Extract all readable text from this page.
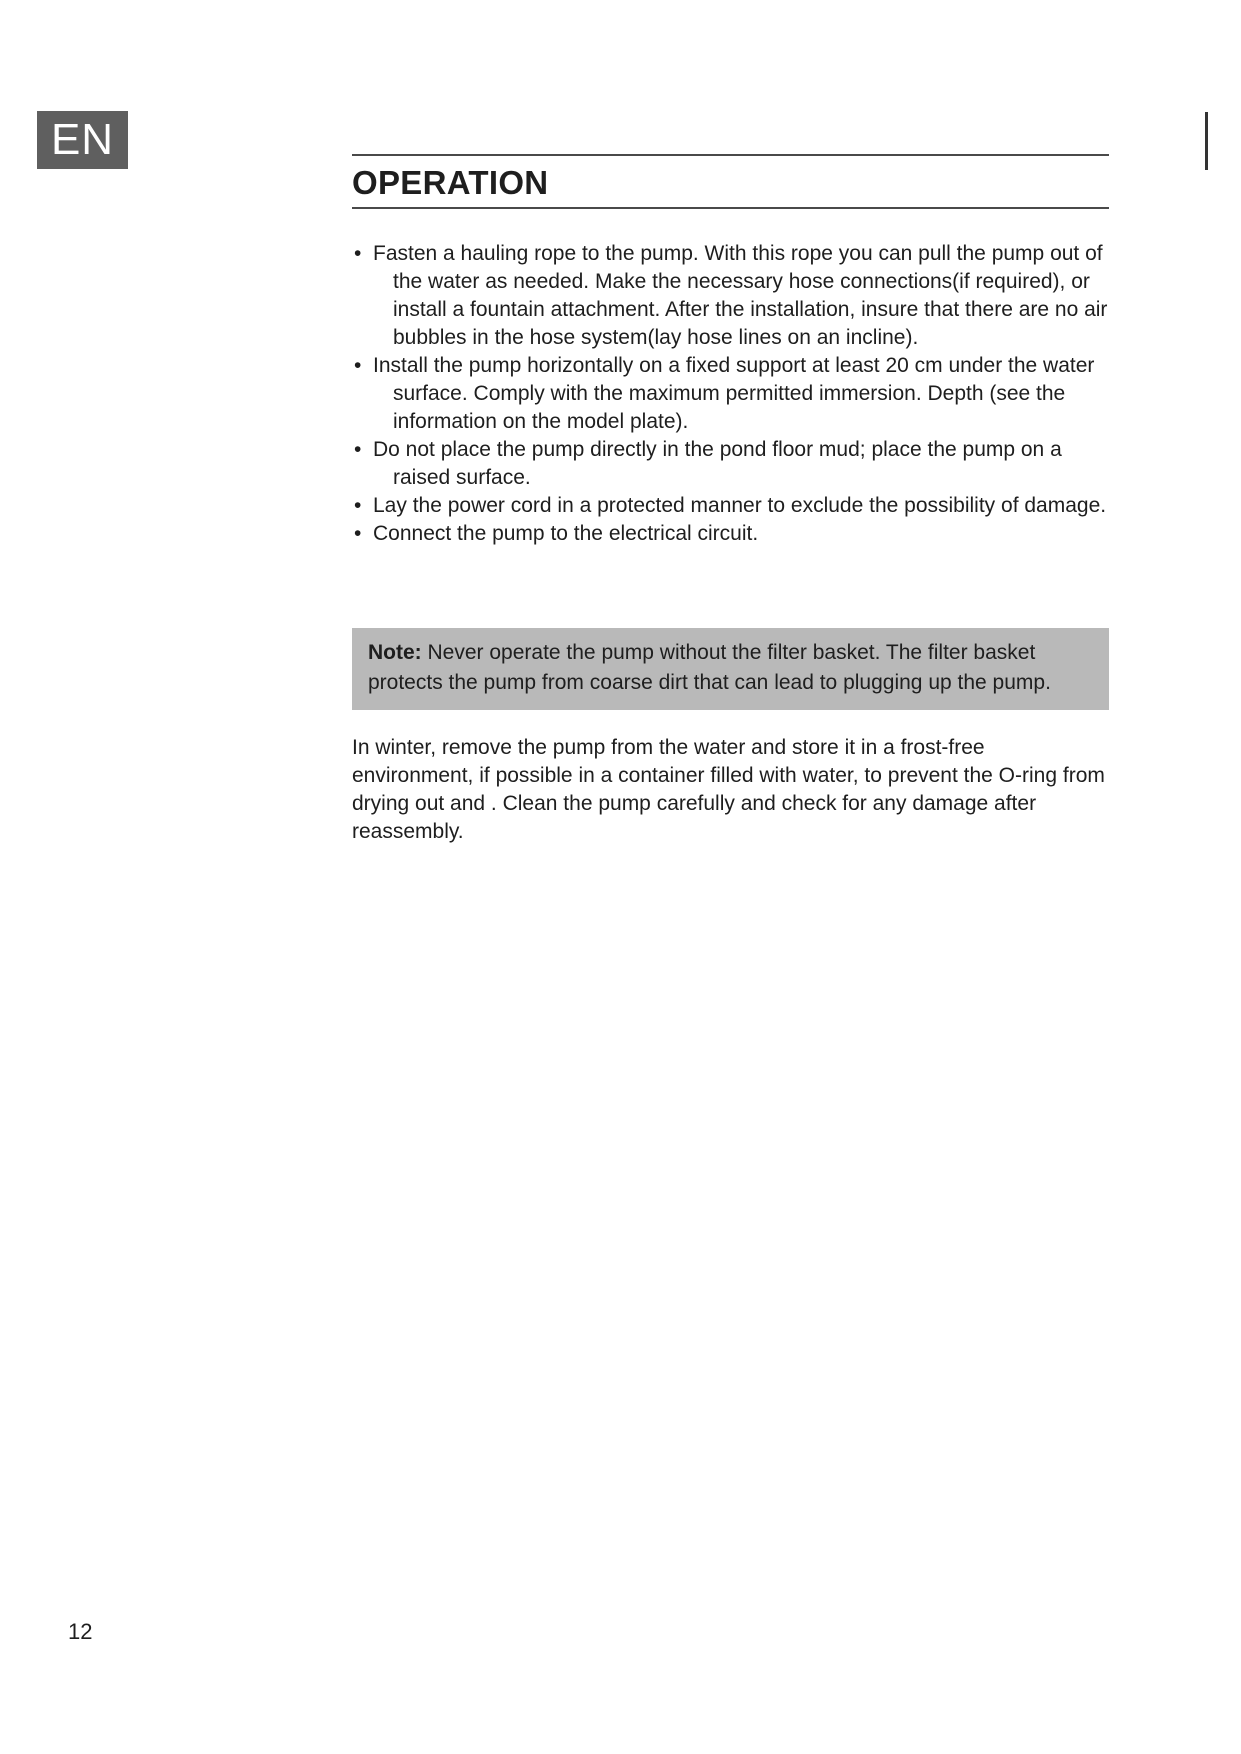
EN
OPERATION
• Fasten a hauling rope to the pump. With this rope you can pull the pump out of the water as needed. Make the necessary hose connections(if required), or install a fountain attachment. After the installation, insure that there are no air bubbles in the hose system(lay hose lines on an incline).
• Install the pump horizontally on a fixed support at least 20 cm under the water surface. Comply with the maximum permitted immersion. Depth (see the information on the model plate).
• Do not place the pump directly in the pond floor mud; place the pump on a raised surface.
• Lay the power cord in a protected manner to exclude the possibility of damage.
• Connect the pump to the electrical circuit.
Note: Never operate the pump without the filter basket. The filter basket protects the pump from coarse dirt that can lead to plugging up the pump.

In winter, remove the pump from the water and store it in a frost-free environment, if possible in a container filled with water, to prevent the O-ring from drying out and . Clean the pump carefully and check for any damage after reassembly.

12
